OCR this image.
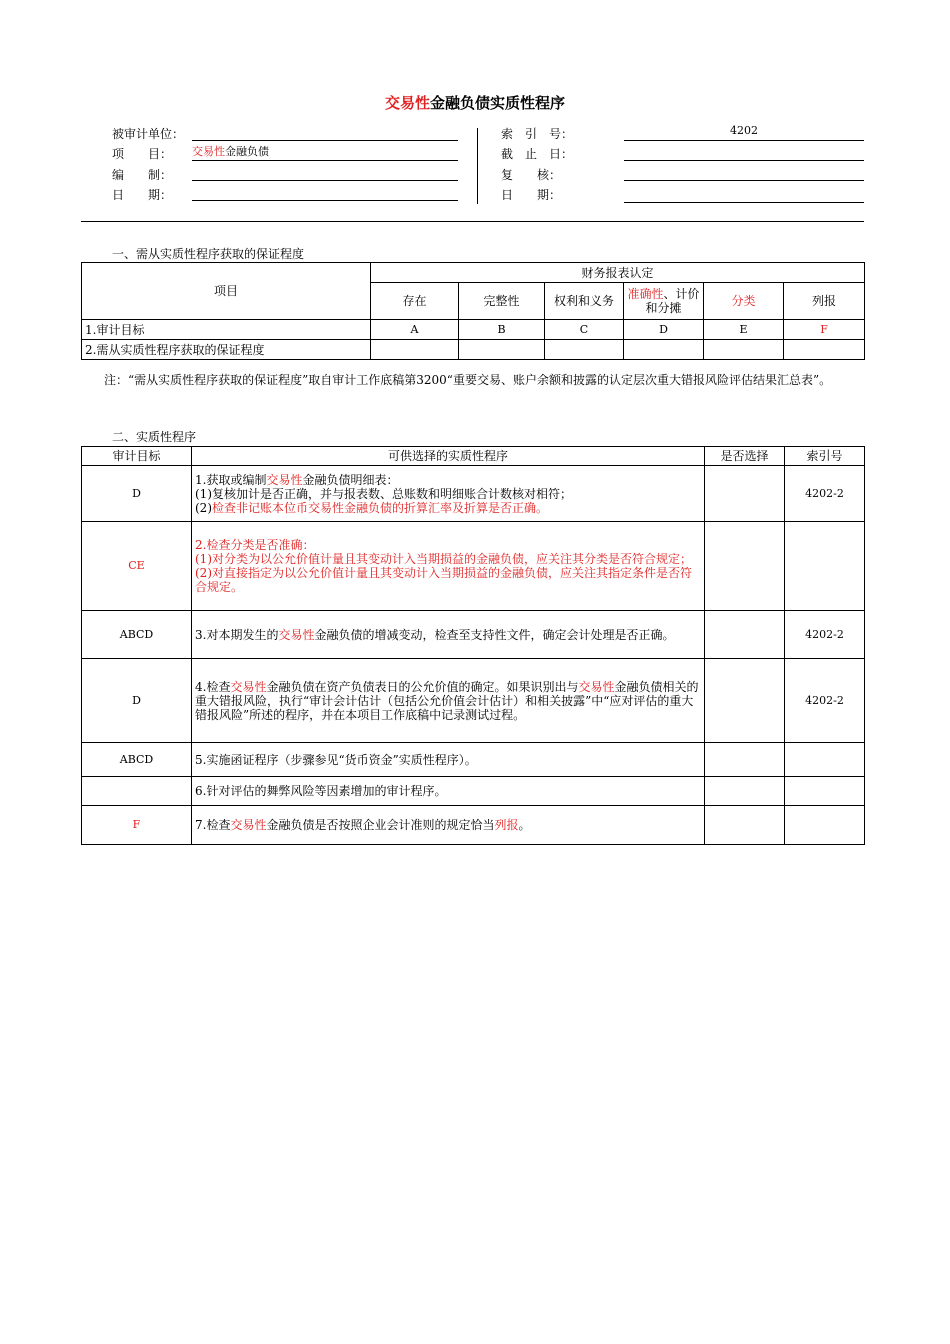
交易性金融负债实质性程序
被审计单位：
项　　目： 交易性金融负债
编　　制：
日　　期：
索　引　号：	4202
截　止　日：
复　　核：
日　　期：
一、需从实质性程序获取的保证程度
项目	财务报表认定					
	存在	完整性	权利和义务	准确性、计价和分摊	分类	列报
1.审计目标	A	B	C	D	E	F
2.需从实质性程序获取的保证程度						
注：“需从实质性程序获取的保证程度”取自审计工作底稿第3200“重要交易、账户余额和披露的认定层次重大错报风险评估结果汇总表”。
二、实质性程序
审计目标	可供选择的实质性程序	是否选择	索引号
D	1.获取或编制交易性金融负债明细表：
(1)复核加计是否正确，并与报表数、总账数和明细账合计数核对相符；
(2)检查非记账本位币交易性金融负债的折算汇率及折算是否正确。		4202-2
CE	2.检查分类是否准确：
(1)对分类为以公允价值计量且其变动计入当期损益的金融负债，应关注其分类是否符合规定；
(2)对直接指定为以公允价值计量且其变动计入当期损益的金融负债，应关注其指定条件是否符合规定。		

ABCD	3.对本期发生的交易性金融负债的增减变动，检查至支持性文件，确定会计处理是否正确。		4202-2
D	4.检查交易性金融负债在资产负债表日的公允价值的确定。如果识别出与交易性金融负债相关的重大错报风险，执行“审计会计估计（包括公允价值会计估计）和相关披露”中“应对评估的重大错报风险”所述的程序，并在本项目工作底稿中记录测试过程。		4202-2
ABCD	5.实施函证程序（步骤参见“货币资金”实质性程序）。		
	6.针对评估的舞弊风险等因素增加的审计程序。		
F	7.检查交易性金融负债是否按照企业会计准则的规定恰当列报。		
